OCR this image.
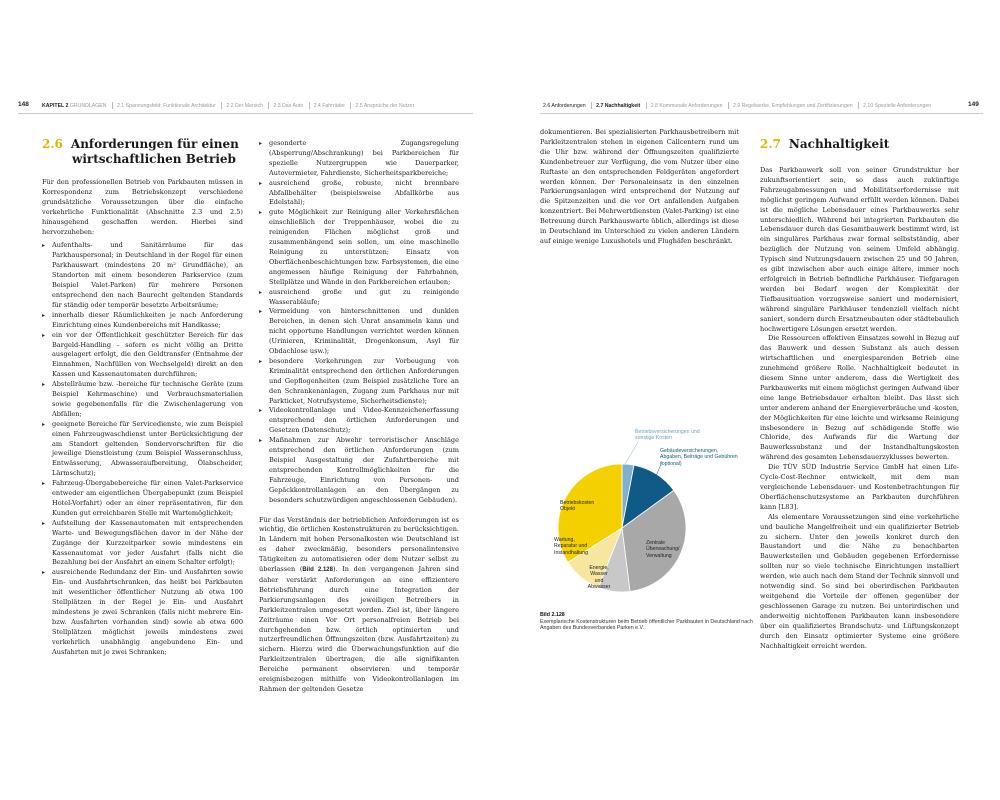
148	KAPITEL 2 GRUNDLAGEN 2.1 Spannungsfeld: Funktionale Architektur 2.2 Der Mensch 2.3 Das Auto 2.4 Fahrräder 2.5 Ansprüche der Nutzer	2.6 Anforderungen 2.7 Nachhaltigkeit 2.8 Kommunale Anforderungen 2.9 Regelwerke, Empfehlungen und Zertifizierungen 2.10 Spezielle Anforderungen	149
2.6 Anforderungen für einen
wirtschaftlichen Betrieb

Für den professionellen Betrieb von Parkbauten müssen in Korrespondenz zum Betriebskonzept verschiedene grundsätzliche Voraussetzungen über die einfache verkehrliche Funktionalität (Abschnitte 2.3 und 2.5) hinausgehend geschaffen werden. Hierbei sind hervorzuheben:

▸ Aufenthalts- und Sanitärräume für das Parkhauspersonal; in Deutschland in der Regel für einen Parkhauswart (mindestens 20 m² Grundfläche), an Standorten mit einem besonderen Parkservice (zum Beispiel Valet-Parken) für mehrere Personen entsprechend den nach Baurecht geltenden Standards für ständig oder temporär besetzte Arbeitsräume;
▸ innerhalb dieser Räumlichkeiten je nach Anforderung Einrichtung eines Kundenbereichs mit Handkasse;
▸ ein vor der Öffentlichkeit geschützter Bereich für das Bargeld-Handling – sofern es nicht völlig an Dritte ausgelagert erfolgt, die den Geldtransfer (Entnahme der Einnahmen, Nachfüllen von Wechselgeld) direkt an den Kassen und Kassenautomaten durchführen;
▸ Abstellräume bzw. -bereiche für technische Geräte (zum Beispiel Kehrmaschine) und Verbrauchsmaterialien sowie gegebenenfalls für die Zwischenlagerung von Abfällen;
▸ geeignete Bereiche für Servicedienste, wie zum Beispiel einen Fahrzeugwaschdienst unter Berücksichtigung der am Standort geltenden Sondervorschriften für die jeweilige Dienstleistung (zum Beispiel Wasseranschluss, Entwässerung, Abwasseraufbereitung, Ölabscheider, Lärmschutz);
▸ Fahrzeug-Übergabebereiche für einen Valet-Parkservice entweder am eigentlichen Übergabepunkt (zum Beispiel Hotel-Vorfahrt) oder an einer repräsentativen, für den Kunden gut erreichbaren Stelle mit Wartemöglichkeit;
▸ Aufstellung der Kassenautomaten mit entsprechenden Warte- und Bewegungsflächen davor in der Nähe der Zugänge der Kurzzeitparker sowie mindestens ein Kassenautomat vor jeder Ausfahrt (falls nicht die Bezahlung bei der Ausfahrt an einem Schalter erfolgt);
▸ ausreichende Redundanz der Ein- und Ausfahrten sowie Ein- und Ausfahrtschranken, das heißt bei Parkbauten mit wesentlicher öffentlicher Nutzung ab etwa 100 Stellplätzen in der Regel je Ein- und Ausfahrt mindestens je zwei Schranken (falls nicht mehrere Ein- bzw. Ausfahrten vorhanden sind) sowie ab etwa 600 Stellplätzen möglichst jeweils mindestens zwei verkehrlich unabhängig angebundene Ein- und Ausfahrten mit je zwei Schranken;
▸ gesonderte Zugangsregelung (Absperrung/Abschrankung) bei Parkbereichen für spezielle Nutzergruppen wie Dauerparker, Autovermieter, Fahrdienste, Sicherheitsparkbereiche;
▸ ausreichend große, robuste, nicht brennbare Abfallbehälter (beispielsweise Abfallkörbe aus Edelstahl);
▸ gute Möglichkeit zur Reinigung aller Verkehrsflächen einschließlich der Treppenhäuser, wobei die zu reinigenden Flächen möglichst groß und zusammenhängend sein sollen, um eine maschinelle Reinigung zu unterstützen; Einsatz von Oberflächenbeschichtungen bzw. Farbsystemen, die eine angemessen häufige Reinigung der Fahrbahnen, Stellplätze und Wände in den Parkbereichen erlauben;
▸ ausreichend große und gut zu reinigende Wasserabläufe;
▸ Vermeidung von hinterschnittenen und dunklen Bereichen, in denen sich Unrat ansammeln kann und nicht opportune Handlungen verrichtet werden können (Urinieren, Kriminalität, Drogenkonsum, Asyl für Obdachlose usw.);
▸ besondere Vorkehrungen zur Vorbeugung von Kriminalität entsprechend den örtlichen Anforderungen und Gepflogenheiten (zum Beispiel zusätzliche Tore an den Schrankenanlagen, Zugang zum Parkhaus nur mit Parkticket, Notrufsysteme, Sicherheitsdienste);
▸ Videokontrollanlage und Video-Kennzeichenerfassung entsprechend den örtlichen Anforderungen und Gesetzen (Datenschutz);
▸ Maßnahmen zur Abwehr terroristischer Anschläge entsprechend den örtlichen Anforderungen (zum Beispiel Ausgestaltung der Zufahrtbereiche mit entsprechenden Kontrollmöglichkeiten für die Fahrzeuge, Einrichtung von Personen- und Gepäckkontrollanlagen an den Übergängen zu besonders schutzwürdigen angeschlossenen Gebäuden).

Für das Verständnis der betrieblichen Anforderungen ist es wichtig, die örtlichen Kostenstrukturen zu berücksichtigen. In Ländern mit hohen Personalkosten wie Deutschland ist es daher zweckmäßig, besonders personalintensive Tätigkeiten zu automatisieren oder dem Nutzer selbst zu überlassen (Bild 2.128). In den vergangenen Jahren sind daher verstärkt Anforderungen an eine effizientere Betriebsführung durch eine Integration der Parkierungsanlagen des jeweiligen Betreibers in Parkleitzentralen umgesetzt worden. Ziel ist, über längere Zeiträume einen Vor Ort personalfreien Betrieb bei durchgehenden bzw. örtlich optimierten und nutzerfreundlichen Öffnungszeiten (bzw. Ausfahrtzeiten) zu sichern. Hierzu wird die Überwachungsfunktion auf die Parkleitzentralen übertragen, die alle signifikanten Bereiche permanent observieren und temporär ereignisbezogen mithilfe von Videokontrollanlagen im Rahmen der geltenden Gesetze

dokumentieren. Bei spezialisierten Parkhausbetreibern mit Parkleitzentralen stehen in eigenen Callcentern rund um die Uhr bzw. während der Öffnungszeiten qualifizierte Kundenbetreuer zur Verfügung, die vom Nutzer über eine Ruftaste an den entsprechenden Feldgeräten angefordert werden können. Der Personaleinsatz in den einzelnen Parkierungsanlagen wird entsprechend der Nutzung auf die Spitzenzeiten und die vor Ort anfallenden Aufgaben konzentriert. Bei Mehrwertdiensten (Valet-Parking) ist eine Betreuung durch Parkhauswarte üblich, allerdings ist diese in Deutschland im Unterschied zu vielen anderen Ländern auf einige wenige Luxushotels und Flughäfen beschränkt.

Betriebsversicherungen und sonstige Kosten
Gebäudeversicherungen, Abgaben, Beiträge und Gebühren (optional)
Betriebskosten Objekt
Wartung, Reparatur und Instandhaltung
Zentrale Überwachung/ Verwaltung
Energie, Wasser und Abwasser
Bild 2.128
Exemplarische Kostenstrukturen beim Betrieb öffentlicher Parkbauten in Deutschland nach Angaben des Bundesverbandes Parken e.V.
2.7 Nachhaltigkeit

Das Parkbauwerk soll von seiner Grundstruktur her zukunftsorientiert sein, so dass auch zukünftige Fahrzeugabmessungen und Mobilitätserfordernisse mit möglichst geringem Aufwand erfüllt werden können. Dabei ist die mögliche Lebensdauer eines Parkbauwerks sehr unterschiedlich. Während bei integrierten Parkbauten die Lebensdauer durch das Gesamtbauwerk bestimmt wird, ist ein singuläres Parkhaus zwar formal selbstständig, aber bezüglich der Nutzung von seinem Umfeld abhängig. Typisch sind Nutzungsdauern zwischen 25 und 50 Jahren, es gibt inzwischen aber auch einige ältere, immer noch erfolgreich in Betrieb befindliche Parkhäuser. Tiefgaragen werden bei Bedarf wegen der Komplexität der Tiefbausituation vorzugsweise saniert und modernisiert, während singuläre Parkhäuser tendenziell vielfach nicht saniert, sondern durch Ersatzneubauten oder städtebaulich hochwertigere Lösungen ersetzt werden.

Die Ressourcen effektiven Einsatzes sowohl in Bezug auf das Bauwerk und dessen Substanz als auch dessen wirtschaftlichen und energiesparenden Betrieb eine zunehmend größere Rolle. Nachhaltigkeit bedeutet in diesem Sinne unter anderem, dass die Wertigkeit des Parkbauwerks mit einem möglichst geringen Aufwand über eine lange Betriebsdauer erhalten bleibt. Das lässt sich unter anderem anhand der Energieverbräuche und -kosten, der Möglichkeiten für eine leichte und wirksame Reinigung insbesondere in Bezug auf schädigende Stoffe wie Chloride, des Aufwands für die Wartung der Bauwerkssubstanz und der Instandhaltungskosten während des gesamten Lebensdauerzyklusses bewerten.

Die TÜV SÜD Industrie Service GmbH hat einen Life-Cycle-Cost-Rechner entwickelt, mit dem man vergleichende Lebensdauer- und Kostenbetrachtungen für Oberflächenschutzsysteme an Parkbauten durchführen kann [L83].

Als elementare Voraussetzungen sind eine verkehrliche und bauliche Mangelfreiheit und ein qualifizierter Betrieb zu sichern. Unter den jeweils konkret durch den Baustandort und die Nähe zu benachbarten Bauwerksteilen und Gebäuden gegebenen Erfordernisse sollten nur so viele technische Einrichtungen installiert werden, wie auch nach dem Stand der Technik sinnvoll und notwendig sind. So sind bei oberirdischen Parkbauten weitgehend die Vorteile der offenen gegenüber der geschlossenen Garage zu nutzen. Bei unterirdischen und anderweitig nichtoffenen Parkbauten kann insbesondere über ein qualifiziertes Brandschutz- und Lüftungskonzept durch den Einsatz optimierter Systeme eine größere Nachhaltigkeit erreicht werden.
